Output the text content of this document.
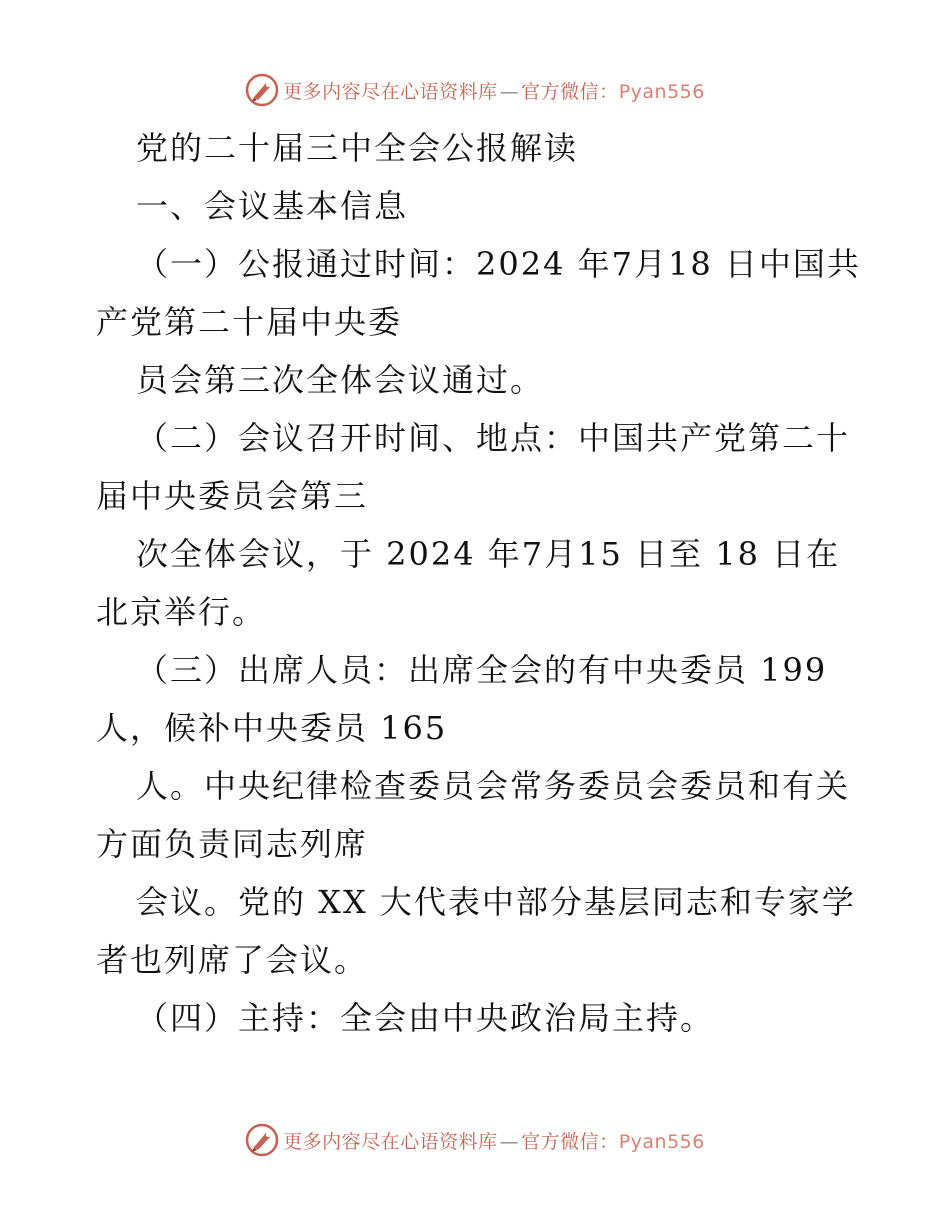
更多内容尽在心语资料库 — 官方微信：Pyan556
党的二十届三中全会公报解读
一、会议基本信息
（一）公报通过时间：2024 年7月18 日中国共
产党第二十届中央委
员会第三次全体会议通过。
（二）会议召开时间、地点：中国共产党第二十
届中央委员会第三
次全体会议，于 2024 年7月15 日至 18 日在
北京举行。
（三）出席人员：出席全会的有中央委员 199
人，候补中央委员 165
人。中央纪律检查委员会常务委员会委员和有关
方面负责同志列席
会议。党的 XX 大代表中部分基层同志和专家学
者也列席了会议。
（四）主持：全会由中央政治局主持。
更多内容尽在心语资料库 — 官方微信：Pyan556
